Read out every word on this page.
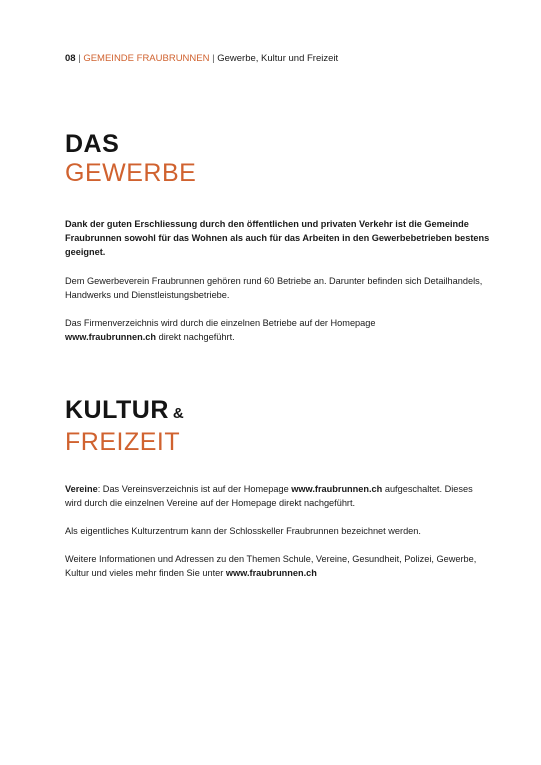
08 | GEMEINDE FRAUBRUNNEN | Gewerbe, Kultur und Freizeit
DAS
GEWERBE

Dank der guten Erschliessung durch den öffentlichen und privaten Verkehr ist die Gemeinde Fraubrunnen sowohl für das Wohnen als auch für das Arbeiten in den Gewerbebetrieben bestens geeignet.

Dem Gewerbeverein Fraubrunnen gehören rund 60 Betriebe an. Darunter befinden sich Detailhandels, Handwerks und Dienstleistungsbetriebe.

Das Firmenverzeichnis wird durch die einzelnen Betriebe auf der Homepage
www.fraubrunnen.ch direkt nachgeführt.

KULTUR &
FREIZEIT

Vereine: Das Vereinsverzeichnis ist auf der Homepage www.fraubrunnen.ch aufgeschaltet. Dieses wird durch die einzelnen Vereine auf der Homepage direkt nachgeführt.

Als eigentliches Kulturzentrum kann der Schlosskeller Fraubrunnen bezeichnet werden.

Weitere Informationen und Adressen zu den Themen Schule, Vereine, Gesundheit, Polizei, Gewerbe, Kultur und vieles mehr finden Sie unter www.fraubrunnen.ch
